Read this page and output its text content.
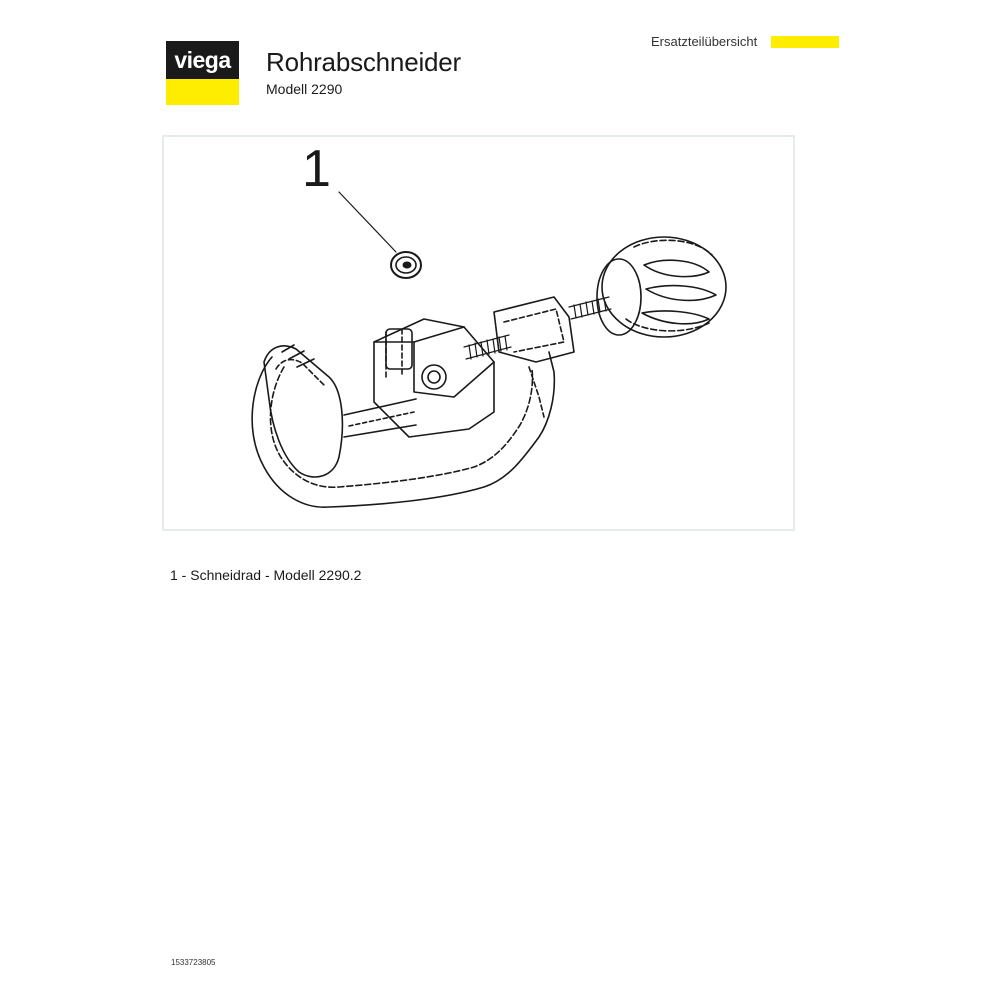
viega Rohrabschneider
Modell 2290
Ersatzteilübersicht
1
1 - Schneidrad - Modell 2290.2
1533723805
